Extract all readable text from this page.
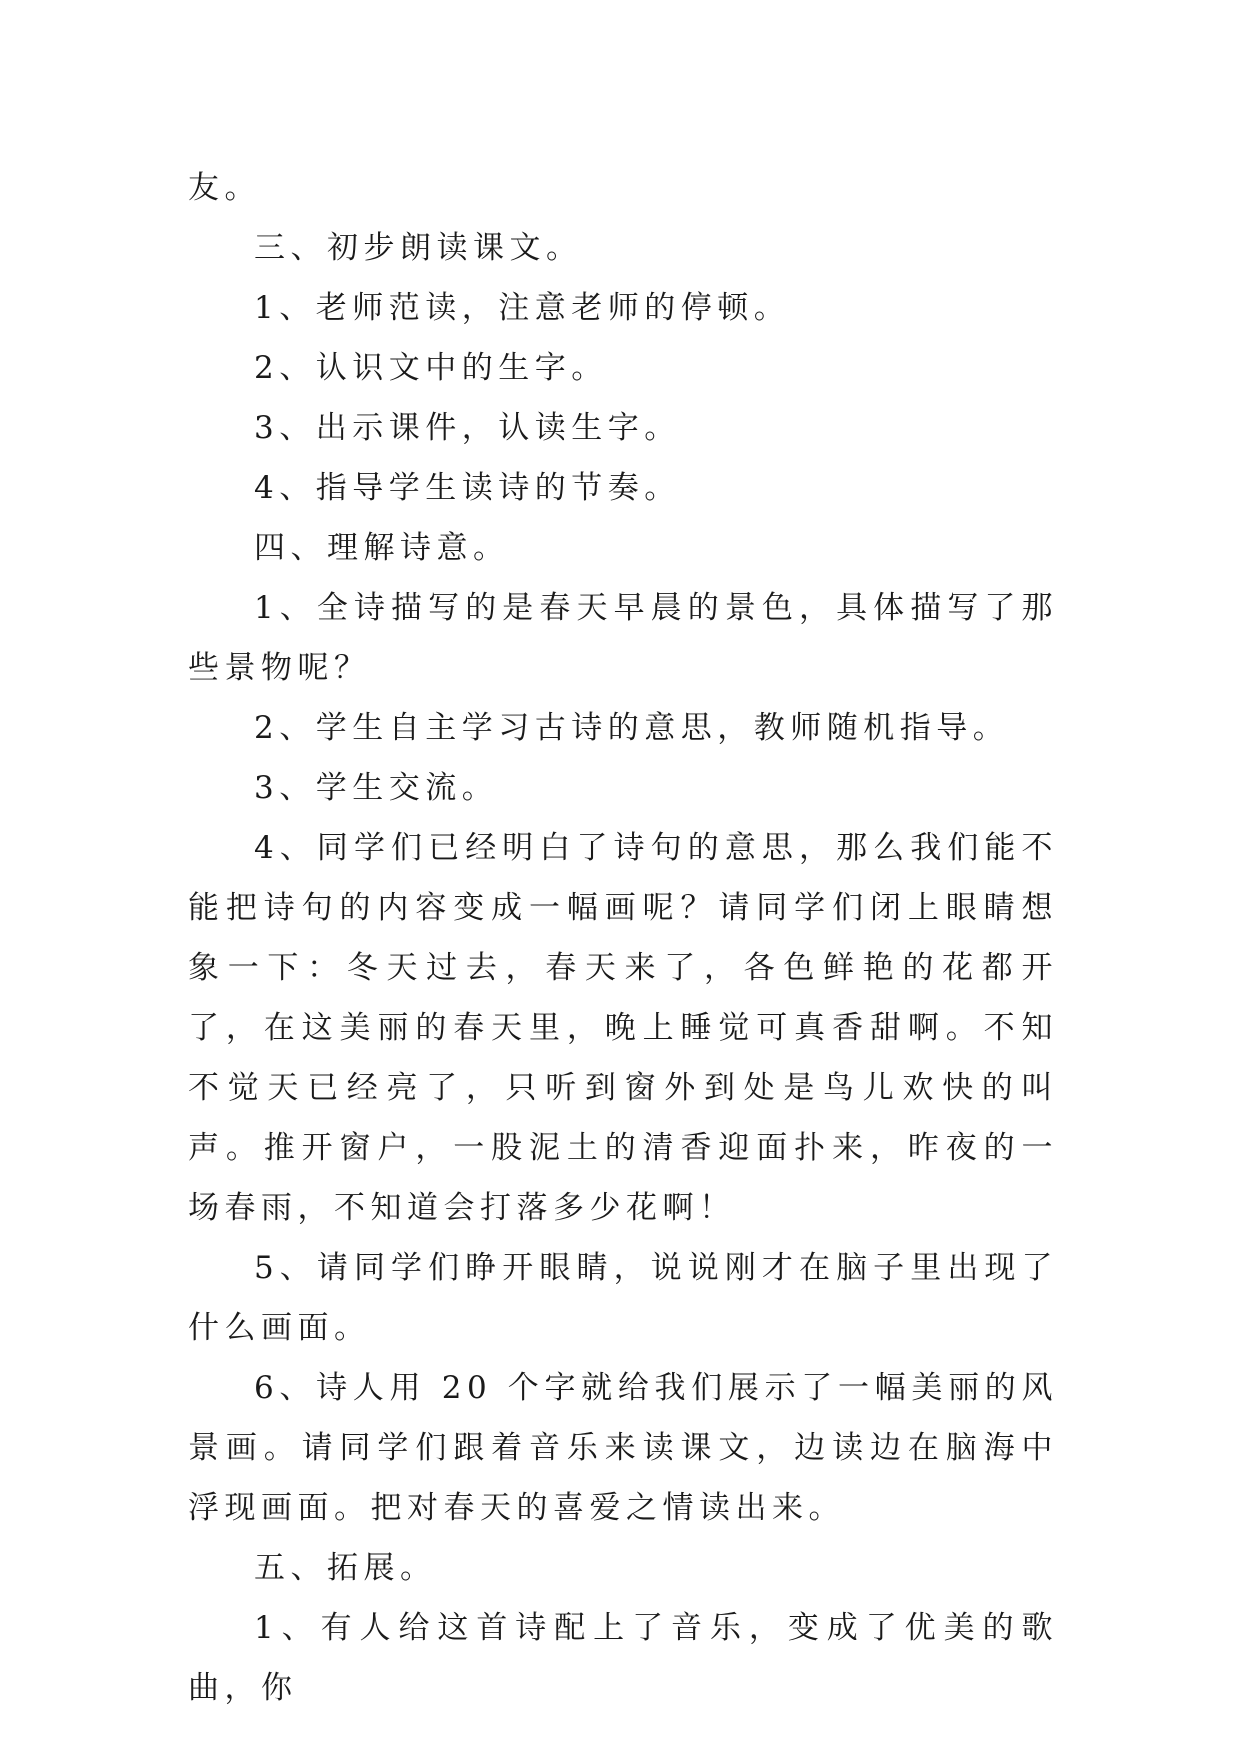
友。

三、初步朗读课文。

1、老师范读，注意老师的停顿。

2、认识文中的生字。

3、出示课件，认读生字。

4、指导学生读诗的节奏。

四、理解诗意。

1、全诗描写的是春天早晨的景色，具体描写了那些景物呢？

2、学生自主学习古诗的意思，教师随机指导。

3、学生交流。

4、同学们已经明白了诗句的意思，那么我们能不能把诗句的内容变成一幅画呢？请同学们闭上眼睛想象一下：冬天过去，春天来了，各色鲜艳的花都开了，在这美丽的春天里，晚上睡觉可真香甜啊。不知不觉天已经亮了，只听到窗外到处是鸟儿欢快的叫声。推开窗户，一股泥土的清香迎面扑来，昨夜的一场春雨，不知道会打落多少花啊！

5、请同学们睁开眼睛，说说刚才在脑子里出现了什么画面。

6、诗人用 20 个字就给我们展示了一幅美丽的风景画。请同学们跟着音乐来读课文，边读边在脑海中浮现画面。把对春天的喜爱之情读出来。

五、拓展。

1、有人给这首诗配上了音乐，变成了优美的歌曲，你
